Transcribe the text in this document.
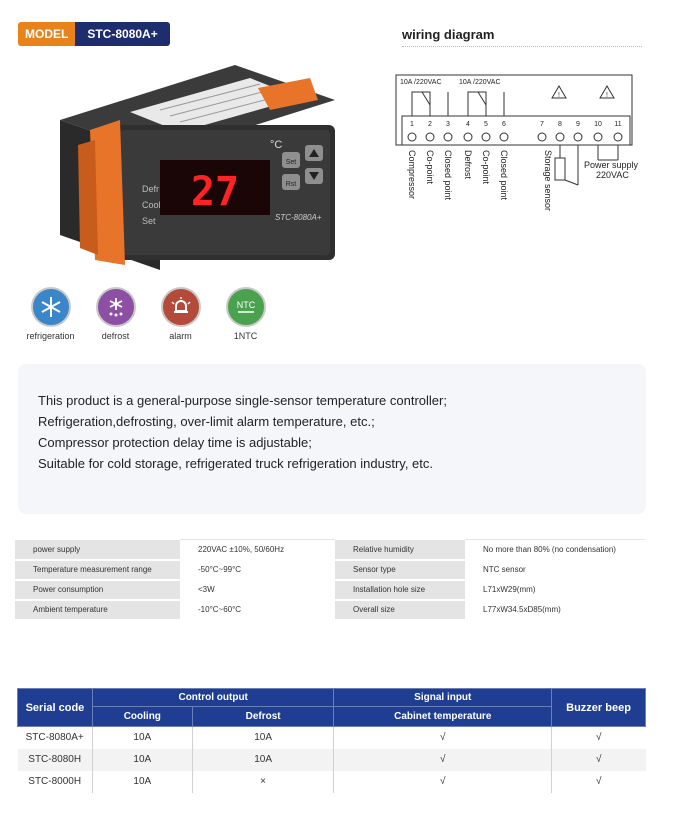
MODEL	STC-8080A+
27
°C
Defr
Cool
Set
Set
Rst
STC-8080A+
refrigeration	defrost	alarm
NTC
1NTC
wiring diagram
10A /220VAC 10A /220VAC
!	!
1 2 3 4 5 6	7 8 9 10 11
Compressor Co-point Closed point Defrost Co-point Closed point	Storage sensor	Power supply
220VAC

This product is a general-purpose single-sensor temperature controller;

Refrigeration,defrosting, over-limit alarm temperature, etc.;

Compressor protection delay time is adjustable;

Suitable for cold storage, refrigerated truck refrigeration industry, etc.

power supply	220VAC ±10%, 50/60Hz	Relative humidity	No more than 80% (no condensation)
Temperature measurement range	-50°C~99°C	Sensor type	NTC sensor
Power consumption	<3W	Installation hole size	L71xW29(mm)
Ambient temperature	-10°C~60°C	Overall size	L77xW34.5xD85(mm)
Serial code	Control output		Signal input	Buzzer beep
	Cooling	Defrost	Cabinet temperature	
STC-8080A+	10A	10A	√	√
STC-8080H	10A	10A	√	√
STC-8000H	10A	×	√	√
